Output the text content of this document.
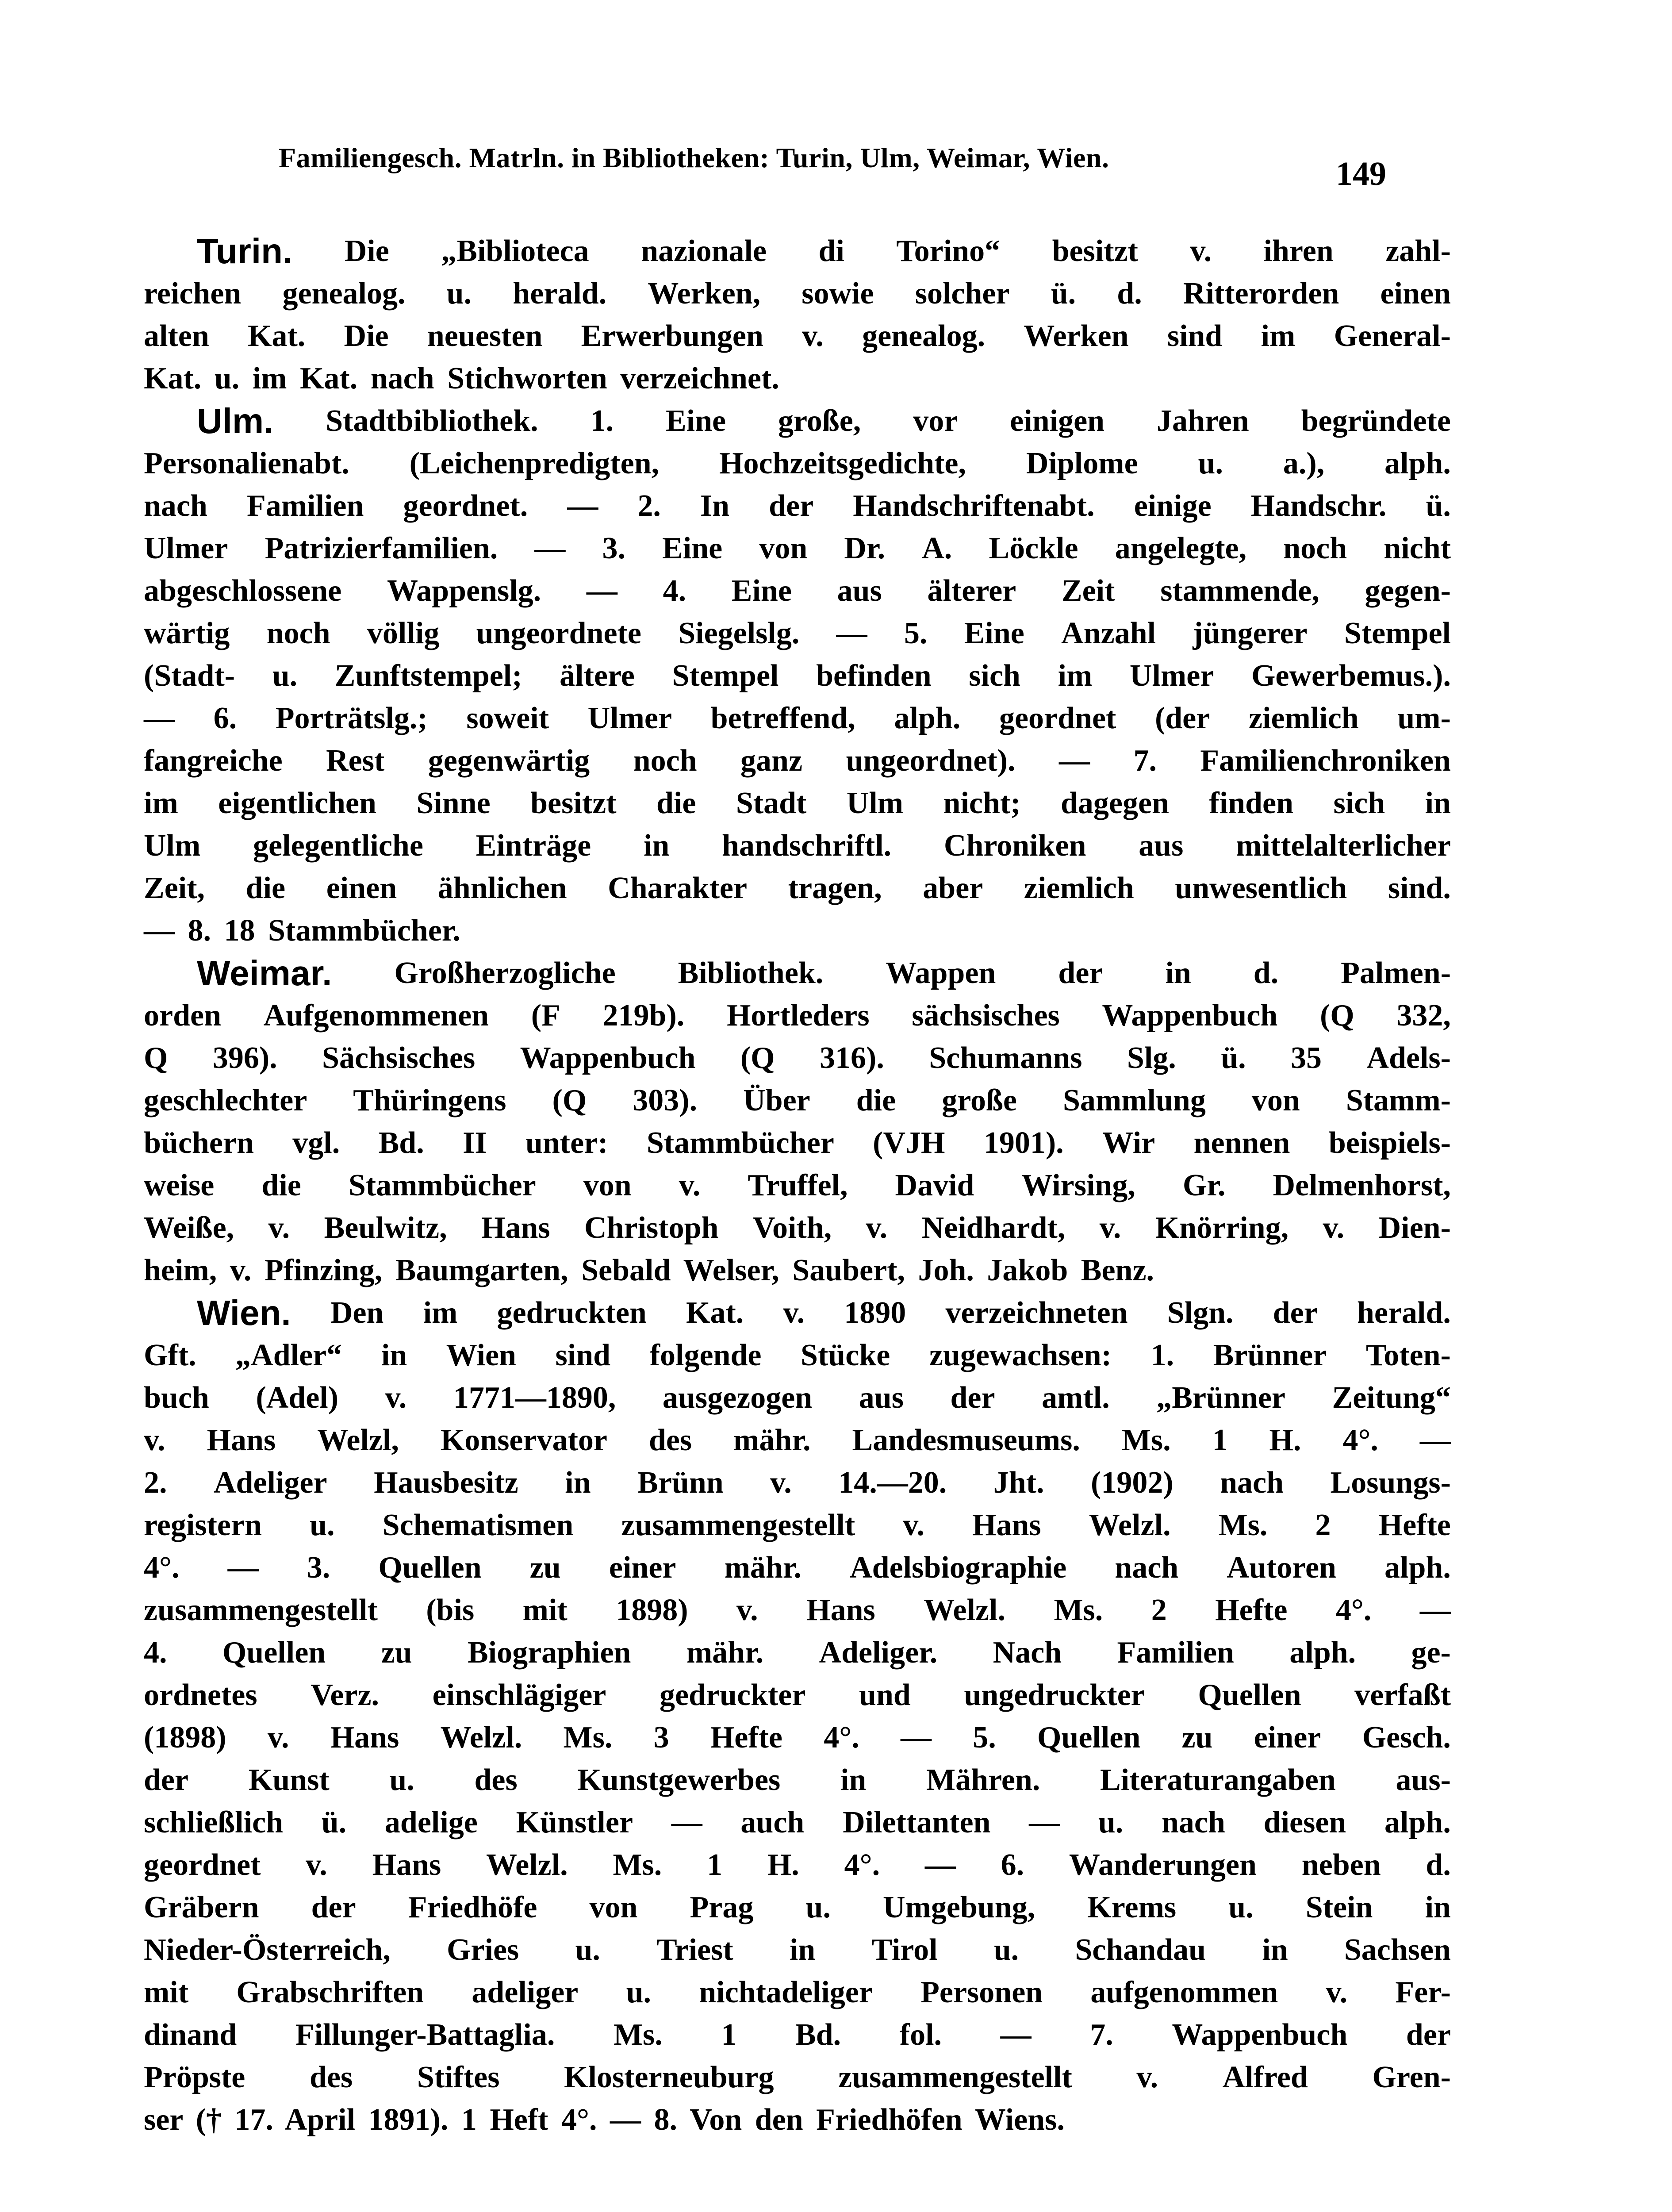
Familiengesch. Matrln. in Bibliotheken: Turin, Ulm, Weimar, Wien.	149
Turin. Die „Biblioteca nazionale di Torino“ besitzt v. ihren zahl-
reichen genealog. u. herald. Werken, sowie solcher ü. d. Ritterorden einen
alten Kat. Die neuesten Erwerbungen v. genealog. Werken sind im General-
Kat. u. im Kat. nach Stichworten verzeichnet.
Ulm. Stadtbibliothek. 1. Eine große, vor einigen Jahren begründete
Personalienabt. (Leichenpredigten, Hochzeitsgedichte, Diplome u. a.), alph.
nach Familien geordnet. — 2. In der Handschriftenabt. einige Handschr. ü.
Ulmer Patrizierfamilien. — 3. Eine von Dr. A. Löckle angelegte, noch nicht
abgeschlossene Wappenslg. — 4. Eine aus älterer Zeit stammende, gegen-
wärtig noch völlig ungeordnete Siegelslg. — 5. Eine Anzahl jüngerer Stempel
(Stadt- u. Zunftstempel; ältere Stempel befinden sich im Ulmer Gewerbemus.).
— 6. Porträtslg.; soweit Ulmer betreffend, alph. geordnet (der ziemlich um-
fangreiche Rest gegenwärtig noch ganz ungeordnet). — 7. Familienchroniken
im eigentlichen Sinne besitzt die Stadt Ulm nicht; dagegen finden sich in
Ulm gelegentliche Einträge in handschriftl. Chroniken aus mittelalterlicher
Zeit, die einen ähnlichen Charakter tragen, aber ziemlich unwesentlich sind.
— 8. 18 Stammbücher.
Weimar. Großherzogliche Bibliothek. Wappen der in d. Palmen-
orden Aufgenommenen (F 219b). Hortleders sächsisches Wappenbuch (Q 332,
Q 396). Sächsisches Wappenbuch (Q 316). Schumanns Slg. ü. 35 Adels-
geschlechter Thüringens (Q 303). Über die große Sammlung von Stamm-
büchern vgl. Bd. II unter: Stammbücher (VJH 1901). Wir nennen beispiels-
weise die Stammbücher von v. Truffel, David Wirsing, Gr. Delmenhorst,
Weiße, v. Beulwitz, Hans Christoph Voith, v. Neidhardt, v. Knörring, v. Dien-
heim, v. Pfinzing, Baumgarten, Sebald Welser, Saubert, Joh. Jakob Benz.
Wien. Den im gedruckten Kat. v. 1890 verzeichneten Slgn. der herald.
Gft. „Adler“ in Wien sind folgende Stücke zugewachsen: 1. Brünner Toten-
buch (Adel) v. 1771—1890, ausgezogen aus der amtl. „Brünner Zeitung“
v. Hans Welzl, Konservator des mähr. Landesmuseums. Ms. 1 H. 4°. —
2. Adeliger Hausbesitz in Brünn v. 14.—20. Jht. (1902) nach Losungs-
registern u. Schematismen zusammengestellt v. Hans Welzl. Ms. 2 Hefte
4°. — 3. Quellen zu einer mähr. Adelsbiographie nach Autoren alph.
zusammengestellt (bis mit 1898) v. Hans Welzl. Ms. 2 Hefte 4°. —
4. Quellen zu Biographien mähr. Adeliger. Nach Familien alph. ge-
ordnetes Verz. einschlägiger gedruckter und ungedruckter Quellen verfaßt
(1898) v. Hans Welzl. Ms. 3 Hefte 4°. — 5. Quellen zu einer Gesch.
der Kunst u. des Kunstgewerbes in Mähren. Literaturangaben aus-
schließlich ü. adelige Künstler — auch Dilettanten — u. nach diesen alph.
geordnet v. Hans Welzl. Ms. 1 H. 4°. — 6. Wanderungen neben d.
Gräbern der Friedhöfe von Prag u. Umgebung, Krems u. Stein in
Nieder-Österreich, Gries u. Triest in Tirol u. Schandau in Sachsen
mit Grabschriften adeliger u. nichtadeliger Personen aufgenommen v. Fer-
dinand Fillunger-Battaglia. Ms. 1 Bd. fol. — 7. Wappenbuch der
Pröpste des Stiftes Klosterneuburg zusammengestellt v. Alfred Gren-
ser († 17. April 1891). 1 Heft 4°. — 8. Von den Friedhöfen Wiens.
